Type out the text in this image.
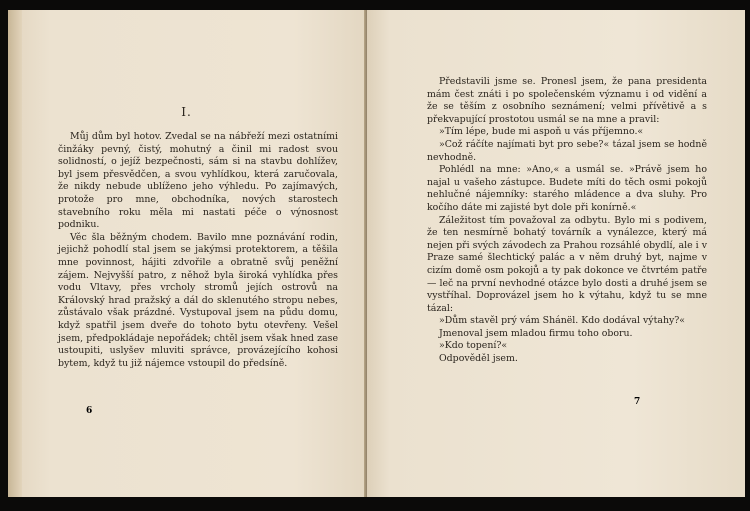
I.

Můj dům byl hotov. Zvedal se na nábřeží mezi ostatními činžáky pevný, čistý, mohutný a činil mi radost svou solidností, o jejíž bezpečnosti, sám si na stavbu dohlížev, byl jsem přesvědčen, a svou vyhlídkou, která zaručovala, že nikdy nebude ublíženo jeho výhledu. Po zajímavých, protože pro mne, obchodníka, nových starostech stavebního roku měla mi nastati péče o výnosnost podniku.

Věc šla běžným chodem. Bavilo mne poznávání rodin, jejichž pohodlí stal jsem se jakýmsi protektorem, a těšila mne povinnost, hájiti zdvořile a obratně svůj peněžní zájem. Nejvyšší patro, z něhož byla široká vyhlídka přes vodu Vltavy, přes vrcholy stromů jejích ostrovů na Královský hrad pražský a dál do sklenutého stropu nebes, zůstávalo však prázdné. Vystupoval jsem na půdu domu, když spatřil jsem dveře do tohoto bytu otevřeny. Vešel jsem, předpokládaje nepořádek; chtěl jsem však hned zase ustoupiti, uslyšev mluviti správce, provázejícího kohosi bytem, když tu již nájemce vstoupil do předsíně.

6

Představili jsme se. Pronesl jsem, že pana presidenta mám čest znáti i po společenském významu i od vidění a že se těším z osobního seznámení; velmi přívětivě a s překvapující prostotou usmál se na mne a pravil:

»Tím lépe, bude mi aspoň u vás příjemno.«

»Což ráčíte najímati byt pro sebe?« tázal jsem se hodně nevhodně.

Pohlédl na mne: »Ano,« a usmál se. »Právě jsem ho najal u vašeho zástupce. Budete míti do těch osmi pokojů nehlučné nájemníky: starého mládence a dva sluhy. Pro kočího dáte mi zajisté byt dole při konírně.«

Záležitost tím považoval za odbytu. Bylo mi s podivem, že ten nesmírně bohatý továrník a vynálezce, který má nejen při svých závodech za Prahou rozsáhlé obydlí, ale i v Praze samé šlechtický palác a v něm druhý byt, najme v cizím domě osm pokojů a ty pak dokonce ve čtvrtém patře — leč na první nevhodné otázce bylo dosti a druhé jsem se vystříhal. Doprovázel jsem ho k výtahu, když tu se mne tázal:

»Dům stavěl prý vám Shánël. Kdo dodával výtahy?«

Jmenoval jsem mladou firmu toho oboru.

»Kdo topení?«

Odpověděl jsem.

7
